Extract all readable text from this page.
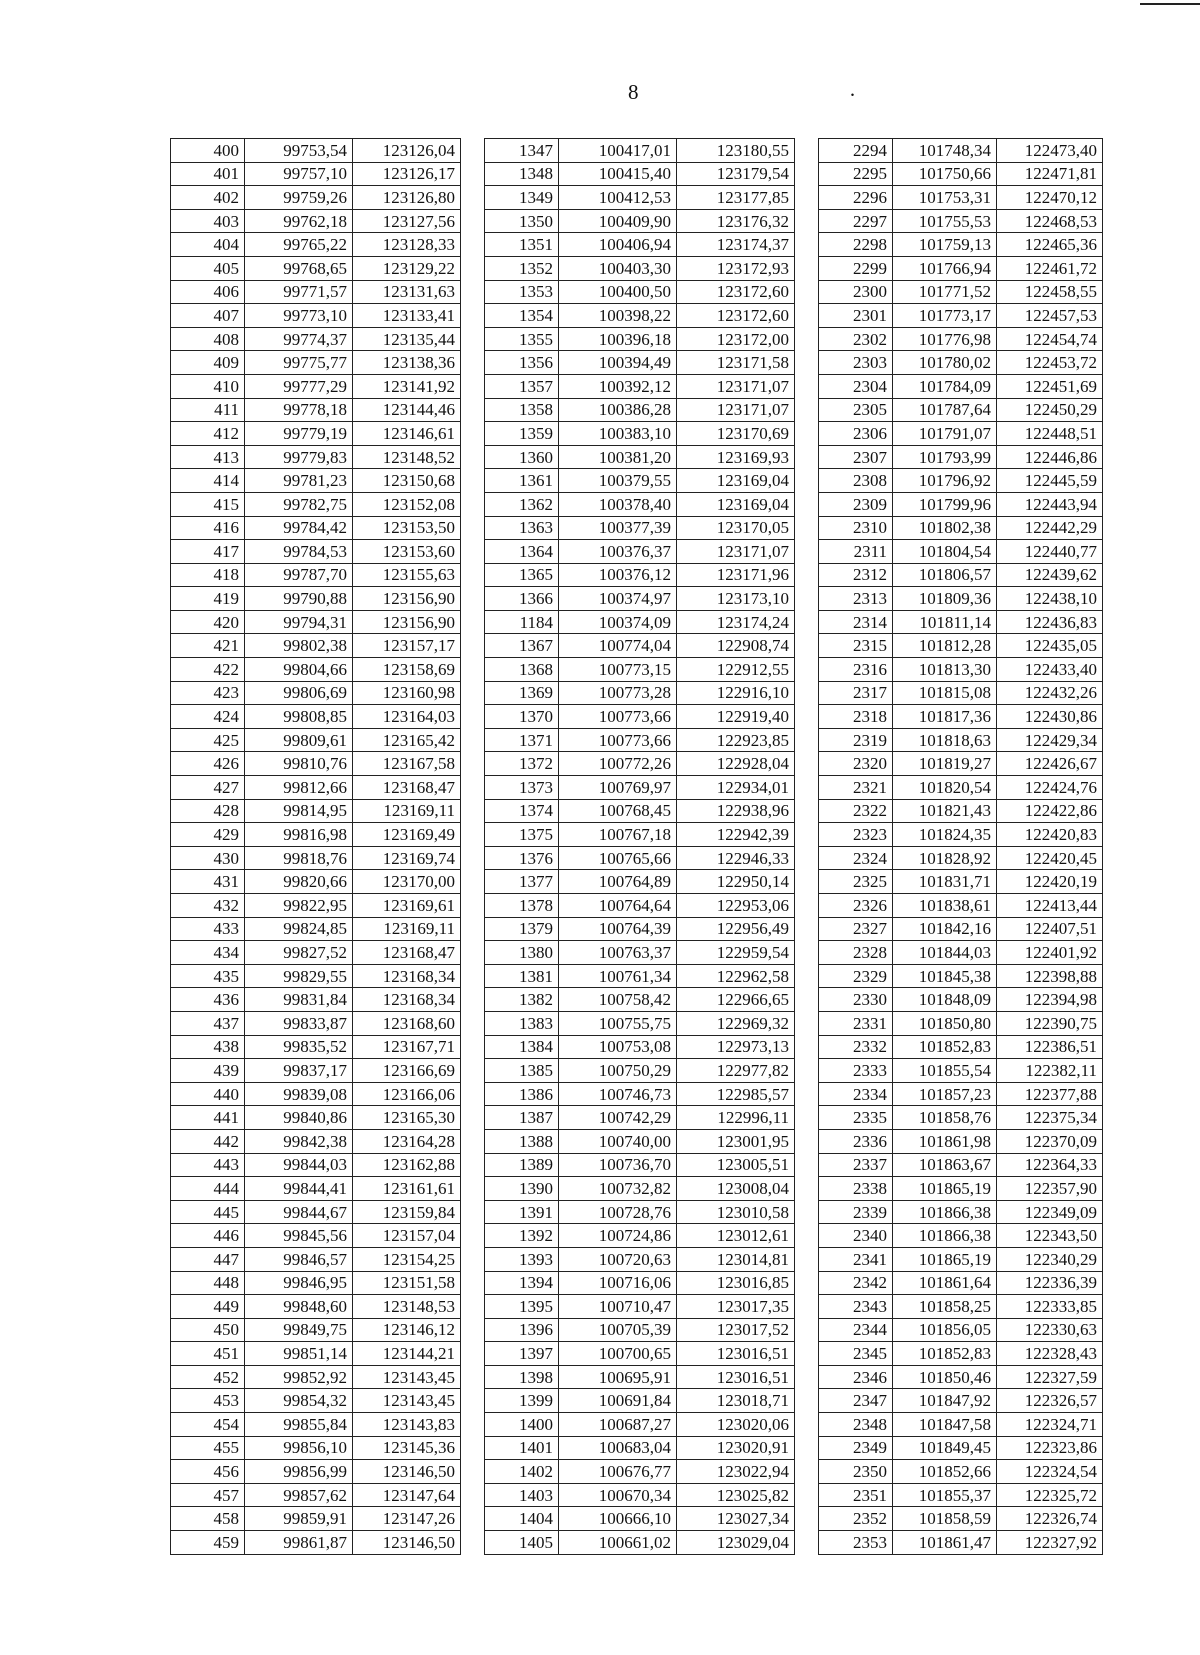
8	·
400	99753,54	123126,04		1347	100417,01	123180,55		2294	101748,34	122473,40
401	99757,10	123126,17		1348	100415,40	123179,54		2295	101750,66	122471,81
402	99759,26	123126,80		1349	100412,53	123177,85		2296	101753,31	122470,12
403	99762,18	123127,56		1350	100409,90	123176,32		2297	101755,53	122468,53
404	99765,22	123128,33		1351	100406,94	123174,37		2298	101759,13	122465,36
405	99768,65	123129,22		1352	100403,30	123172,93		2299	101766,94	122461,72
406	99771,57	123131,63		1353	100400,50	123172,60		2300	101771,52	122458,55
407	99773,10	123133,41		1354	100398,22	123172,60		2301	101773,17	122457,53
408	99774,37	123135,44		1355	100396,18	123172,00		2302	101776,98	122454,74
409	99775,77	123138,36		1356	100394,49	123171,58		2303	101780,02	122453,72
410	99777,29	123141,92		1357	100392,12	123171,07		2304	101784,09	122451,69
411	99778,18	123144,46		1358	100386,28	123171,07		2305	101787,64	122450,29
412	99779,19	123146,61		1359	100383,10	123170,69		2306	101791,07	122448,51
413	99779,83	123148,52		1360	100381,20	123169,93		2307	101793,99	122446,86
414	99781,23	123150,68		1361	100379,55	123169,04		2308	101796,92	122445,59
415	99782,75	123152,08		1362	100378,40	123169,04		2309	101799,96	122443,94
416	99784,42	123153,50		1363	100377,39	123170,05		2310	101802,38	122442,29
417	99784,53	123153,60		1364	100376,37	123171,07		2311	101804,54	122440,77
418	99787,70	123155,63		1365	100376,12	123171,96		2312	101806,57	122439,62
419	99790,88	123156,90		1366	100374,97	123173,10		2313	101809,36	122438,10
420	99794,31	123156,90		1184	100374,09	123174,24		2314	101811,14	122436,83
421	99802,38	123157,17		1367	100774,04	122908,74		2315	101812,28	122435,05
422	99804,66	123158,69		1368	100773,15	122912,55		2316	101813,30	122433,40
423	99806,69	123160,98		1369	100773,28	122916,10		2317	101815,08	122432,26
424	99808,85	123164,03		1370	100773,66	122919,40		2318	101817,36	122430,86
425	99809,61	123165,42		1371	100773,66	122923,85		2319	101818,63	122429,34
426	99810,76	123167,58		1372	100772,26	122928,04		2320	101819,27	122426,67
427	99812,66	123168,47		1373	100769,97	122934,01		2321	101820,54	122424,76
428	99814,95	123169,11		1374	100768,45	122938,96		2322	101821,43	122422,86
429	99816,98	123169,49		1375	100767,18	122942,39		2323	101824,35	122420,83
430	99818,76	123169,74		1376	100765,66	122946,33		2324	101828,92	122420,45
431	99820,66	123170,00		1377	100764,89	122950,14		2325	101831,71	122420,19
432	99822,95	123169,61		1378	100764,64	122953,06		2326	101838,61	122413,44
433	99824,85	123169,11		1379	100764,39	122956,49		2327	101842,16	122407,51
434	99827,52	123168,47		1380	100763,37	122959,54		2328	101844,03	122401,92
435	99829,55	123168,34		1381	100761,34	122962,58		2329	101845,38	122398,88
436	99831,84	123168,34		1382	100758,42	122966,65		2330	101848,09	122394,98
437	99833,87	123168,60		1383	100755,75	122969,32		2331	101850,80	122390,75
438	99835,52	123167,71		1384	100753,08	122973,13		2332	101852,83	122386,51
439	99837,17	123166,69		1385	100750,29	122977,82		2333	101855,54	122382,11
440	99839,08	123166,06		1386	100746,73	122985,57		2334	101857,23	122377,88
441	99840,86	123165,30		1387	100742,29	122996,11		2335	101858,76	122375,34
442	99842,38	123164,28		1388	100740,00	123001,95		2336	101861,98	122370,09
443	99844,03	123162,88		1389	100736,70	123005,51		2337	101863,67	122364,33
444	99844,41	123161,61		1390	100732,82	123008,04		2338	101865,19	122357,90
445	99844,67	123159,84		1391	100728,76	123010,58		2339	101866,38	122349,09
446	99845,56	123157,04		1392	100724,86	123012,61		2340	101866,38	122343,50
447	99846,57	123154,25		1393	100720,63	123014,81		2341	101865,19	122340,29
448	99846,95	123151,58		1394	100716,06	123016,85		2342	101861,64	122336,39
449	99848,60	123148,53		1395	100710,47	123017,35		2343	101858,25	122333,85
450	99849,75	123146,12		1396	100705,39	123017,52		2344	101856,05	122330,63
451	99851,14	123144,21		1397	100700,65	123016,51		2345	101852,83	122328,43
452	99852,92	123143,45		1398	100695,91	123016,51		2346	101850,46	122327,59
453	99854,32	123143,45		1399	100691,84	123018,71		2347	101847,92	122326,57
454	99855,84	123143,83		1400	100687,27	123020,06		2348	101847,58	122324,71
455	99856,10	123145,36		1401	100683,04	123020,91		2349	101849,45	122323,86
456	99856,99	123146,50		1402	100676,77	123022,94		2350	101852,66	122324,54
457	99857,62	123147,64		1403	100670,34	123025,82		2351	101855,37	122325,72
458	99859,91	123147,26		1404	100666,10	123027,34		2352	101858,59	122326,74
459	99861,87	123146,50		1405	100661,02	123029,04		2353	101861,47	122327,92
